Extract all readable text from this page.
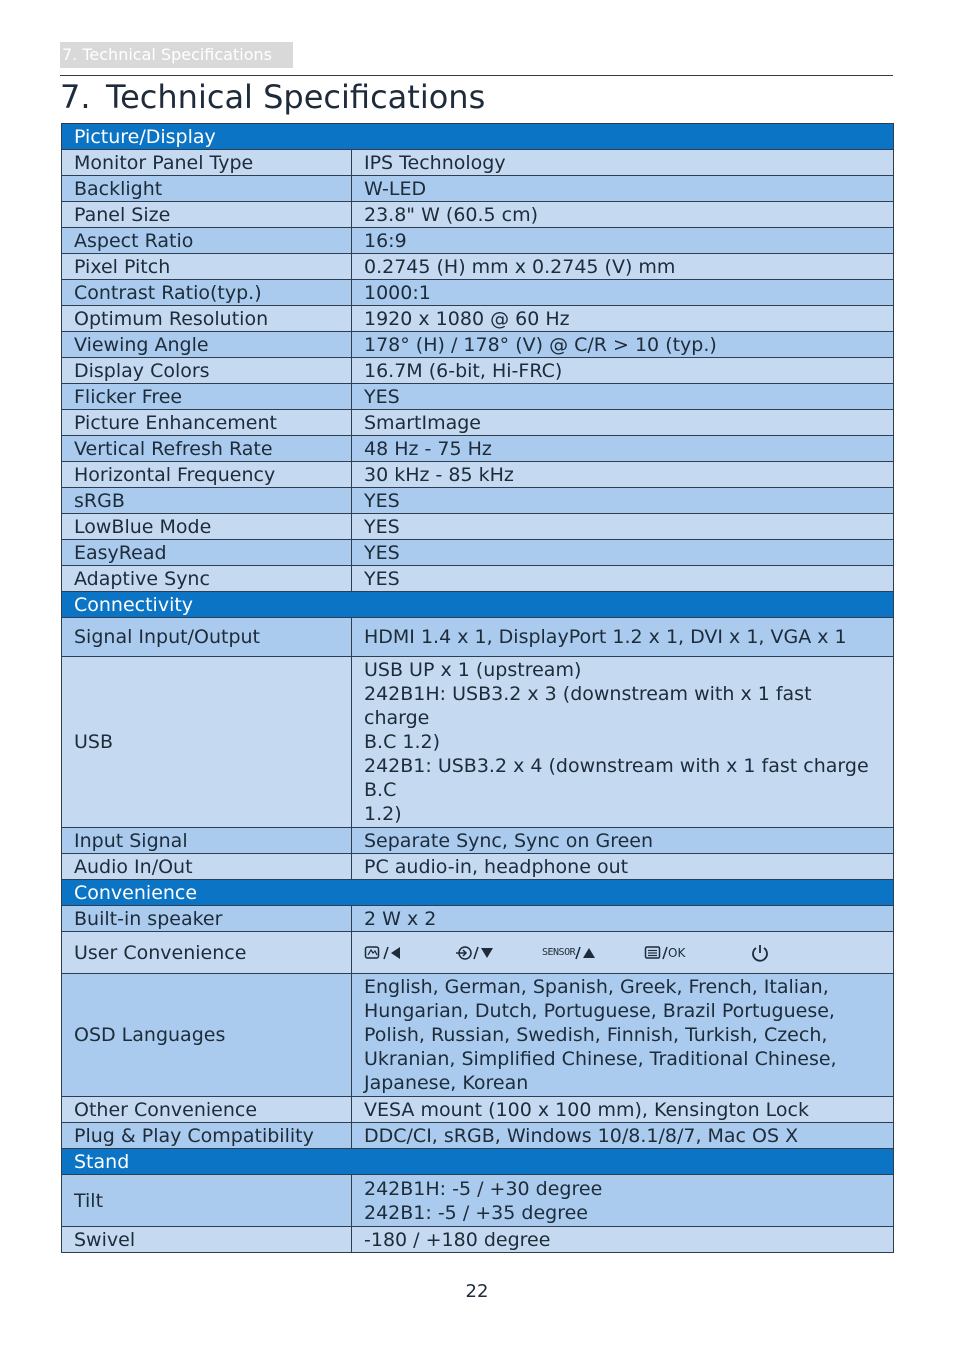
7. Technical Specifications
7. Technical Specifications
Picture/Display	
Monitor Panel Type	IPS Technology
Backlight	W-LED
Panel Size	23.8" W (60.5 cm)
Aspect Ratio	16:9
Pixel Pitch	0.2745 (H) mm x 0.2745 (V) mm
Contrast Ratio(typ.)	1000:1
Optimum Resolution	1920 x 1080 @ 60 Hz
Viewing Angle	178° (H) / 178° (V) @ C/R > 10 (typ.)
Display Colors	16.7M (6-bit, Hi-FRC)
Flicker Free	YES
Picture Enhancement	SmartImage
Vertical Refresh Rate	48 Hz - 75 Hz
Horizontal Frequency	30 kHz - 85 kHz
sRGB	YES
LowBlue Mode	YES
EasyRead	YES
Adaptive Sync	YES
Connectivity	
Signal Input/Output	HDMI 1.4 x 1, DisplayPort 1.2 x 1, DVI x 1, VGA x 1
USB	USB UP x 1 (upstream)
242B1H: USB3.2 x 3 (downstream with x 1 fast charge
B.C 1.2)
242B1: USB3.2 x 4 (downstream with x 1 fast charge B.C
1.2)

Input Signal	Separate Sync, Sync on Green
Audio In/Out	PC audio-in, headphone out
Convenience	
Built-in speaker	2 W x 2
User Convenience	SENSOR OK

OSD Languages	English, German, Spanish, Greek, French, Italian,
Hungarian, Dutch, Portuguese, Brazil Portuguese,
Polish, Russian, Swedish, Finnish, Turkish, Czech,
Ukranian, Simplified Chinese, Traditional Chinese,
Japanese, Korean

Other Convenience	VESA mount (100 x 100 mm), Kensington Lock
Plug & Play Compatibility	DDC/CI, sRGB, Windows 10/8.1/8/7, Mac OS X
Stand	
Tilt	242B1H: -5 / +30 degree
242B1: -5 / +35 degree

Swivel	-180 / +180 degree
22
